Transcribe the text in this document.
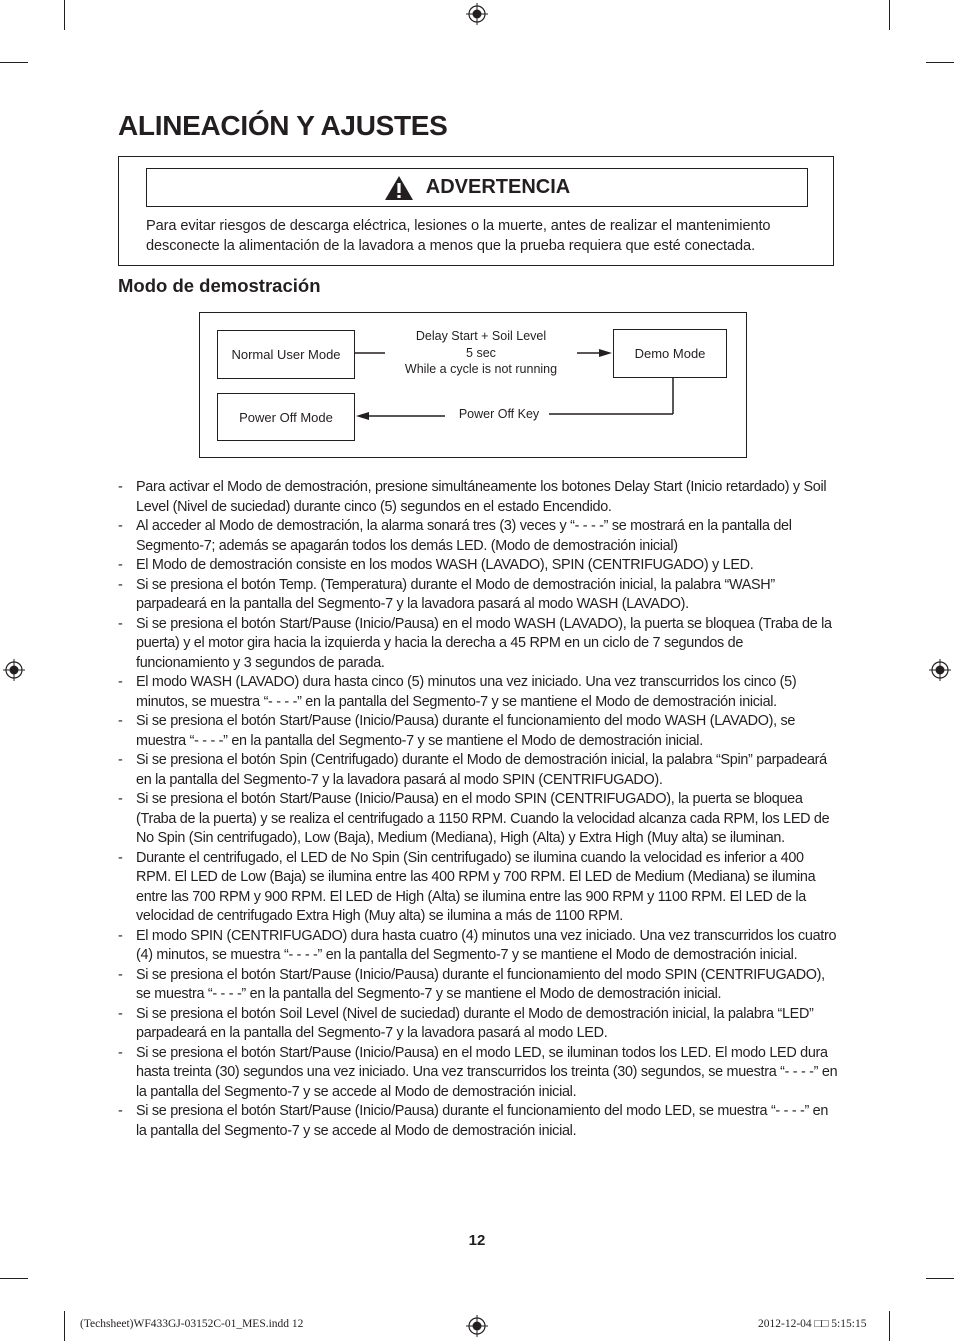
ALINEACIÓN Y AJUSTES
ADVERTENCIA
Para evitar riesgos de descarga eléctrica, lesiones o la muerte, antes de realizar el mantenimiento desconecte la alimentación de la lavadora a menos que la prueba requiera que esté conectada.
Modo de demostración
Normal User Mode	Demo Mode
Power Off Mode
Delay Start + Soil Level
5 sec
While a cycle is not running
Power Off Key
- Para activar el Modo de demostración, presione simultáneamente los botones Delay Start (Inicio retardado) y Soil Level (Nivel de suciedad) durante cinco (5) segundos en el estado Encendido.
- Al acceder al Modo de demostración, la alarma sonará tres (3) veces y “- - - -” se mostrará en la pantalla del Segmento-7; además se apagarán todos los demás LED. (Modo de demostración inicial)
- El Modo de demostración consiste en los modos WASH (LAVADO), SPIN (CENTRIFUGADO) y LED.
- Si se presiona el botón Temp. (Temperatura) durante el Modo de demostración inicial, la palabra “WASH” parpadeará en la pantalla del Segmento-7 y la lavadora pasará al modo WASH (LAVADO).
- Si se presiona el botón Start/Pause (Inicio/Pausa) en el modo WASH (LAVADO), la puerta se bloquea (Traba de la puerta) y el motor gira hacia la izquierda y hacia la derecha a 45 RPM en un ciclo de 7 segundos de funcionamiento y 3 segundos de parada.
- El modo WASH (LAVADO) dura hasta cinco (5) minutos una vez iniciado. Una vez transcurridos los cinco (5) minutos, se muestra “- - - -” en la pantalla del Segmento-7 y se mantiene el Modo de demostración inicial.
- Si se presiona el botón Start/Pause (Inicio/Pausa) durante el funcionamiento del modo WASH (LAVADO), se muestra “- - - -” en la pantalla del Segmento-7 y se mantiene el Modo de demostración inicial.
- Si se presiona el botón Spin (Centrifugado) durante el Modo de demostración inicial, la palabra “Spin” parpadeará en la pantalla del Segmento-7 y la lavadora pasará al modo SPIN (CENTRIFUGADO).
- Si se presiona el botón Start/Pause (Inicio/Pausa) en el modo SPIN (CENTRIFUGADO), la puerta se bloquea (Traba de la puerta) y se realiza el centrifugado a 1150 RPM. Cuando la velocidad alcanza cada RPM, los LED de No Spin (Sin centrifugado), Low (Baja), Medium (Mediana), High (Alta) y Extra High (Muy alta) se iluminan.
- Durante el centrifugado, el LED de No Spin (Sin centrifugado) se ilumina cuando la velocidad es inferior a 400 RPM. El LED de Low (Baja) se ilumina entre las 400 RPM y 700 RPM. El LED de Medium (Mediana) se ilumina entre las 700 RPM y 900 RPM. El LED de High (Alta) se ilumina entre las 900 RPM y 1100 RPM. El LED de la velocidad de centrifugado Extra High (Muy alta) se ilumina a más de 1100 RPM.
- El modo SPIN (CENTRIFUGADO) dura hasta cuatro (4) minutos una vez iniciado. Una vez transcurridos los cuatro (4) minutos, se muestra “- - - -” en la pantalla del Segmento-7 y se mantiene el Modo de demostración inicial.
- Si se presiona el botón Start/Pause (Inicio/Pausa) durante el funcionamiento del modo SPIN (CENTRIFUGADO), se muestra “- - - -” en la pantalla del Segmento-7 y se mantiene el Modo de demostración inicial.
- Si se presiona el botón Soil Level (Nivel de suciedad) durante el Modo de demostración inicial, la palabra “LED” parpadeará en la pantalla del Segmento-7 y la lavadora pasará al modo LED.
- Si se presiona el botón Start/Pause (Inicio/Pausa) en el modo LED, se iluminan todos los LED. El modo LED dura hasta treinta (30) segundos una vez iniciado. Una vez transcurridos los treinta (30) segundos, se muestra “- - - -” en la pantalla del Segmento-7 y se accede al Modo de demostración inicial.
- Si se presiona el botón Start/Pause (Inicio/Pausa) durante el funcionamiento del modo LED, se muestra “- - - -” en la pantalla del Segmento-7 y se accede al Modo de demostración inicial.
12
(Techsheet)WF433GJ-03152C-01_MES.indd 12	2012-12-04 □□ 5:15:15
